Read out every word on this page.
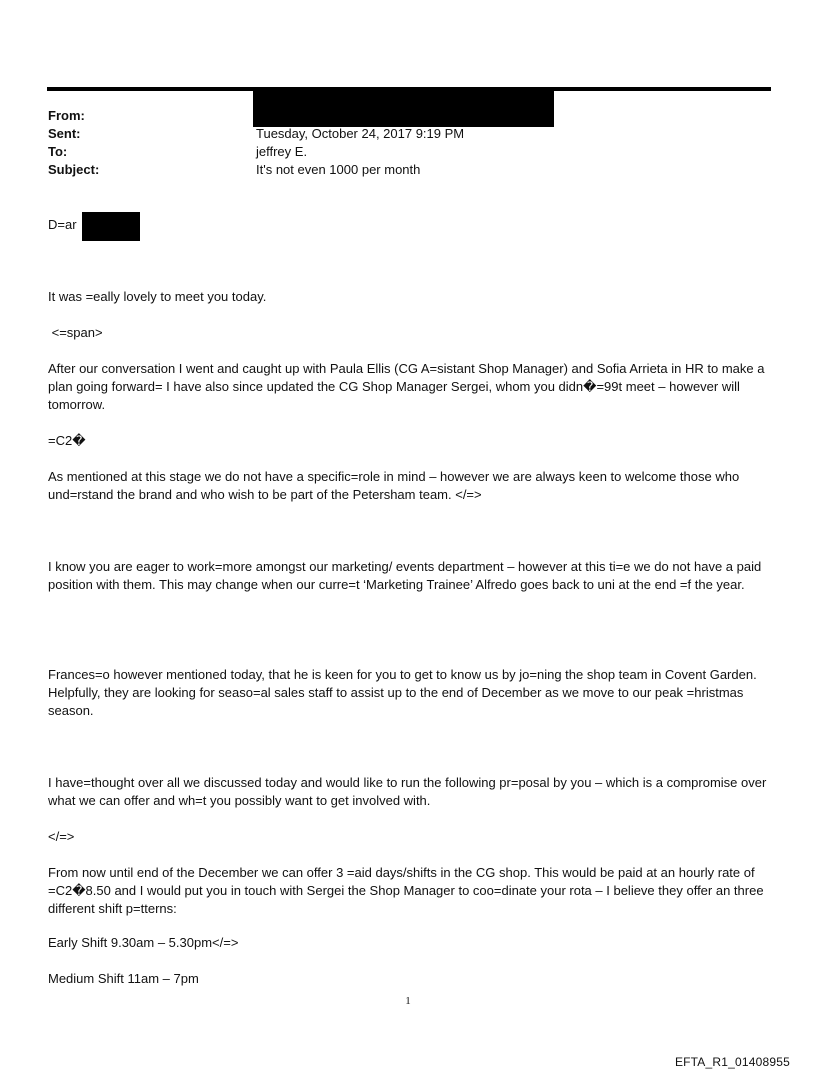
From:
Sent:	Tuesday, October 24, 2017 9:19 PM
To:	jeffrey E.
Subject:	It's not even 1000 per month
D=ar

It was =eally lovely to meet you today.

<=span>

After our conversation I went and caught up with Paula Ellis (CG A=sistant Shop Manager) and Sofia Arrieta in HR to make a plan going forward= I have also since updated the CG Shop Manager Sergei, whom you didn�=99t meet – however will tomorrow.

=C2�

As mentioned at this stage we do not have a specific=role in mind – however we are always keen to welcome those who und=rstand the brand and who wish to be part of the Petersham team. </=>

I know you are eager to work=more amongst our marketing/ events department – however at this ti=e we do not have a paid position with them. This may change when our curre=t ‘Marketing Trainee’ Alfredo goes back to uni at the end =f the year.

Frances=o however mentioned today, that he is keen for you to get to know us by jo=ning the shop team in Covent Garden. Helpfully, they are looking for seaso=al sales staff to assist up to the end of December as we move to our peak =hristmas season.

I have=thought over all we discussed today and would like to run the following pr=posal by you – which is a compromise over what we can offer and wh=t you possibly want to get involved with.

</=>

From now until end of the December we can offer 3 =aid days/shifts in the CG shop. This would be paid at an hourly rate of =C2�8.50 and I would put you in touch with Sergei the Shop Manager to coo=dinate your rota – I believe they offer an three different shift p=tterns:

Early Shift 9.30am – 5.30pm</=>

Medium Shift 11am – 7pm

1
EFTA_R1_01408955
